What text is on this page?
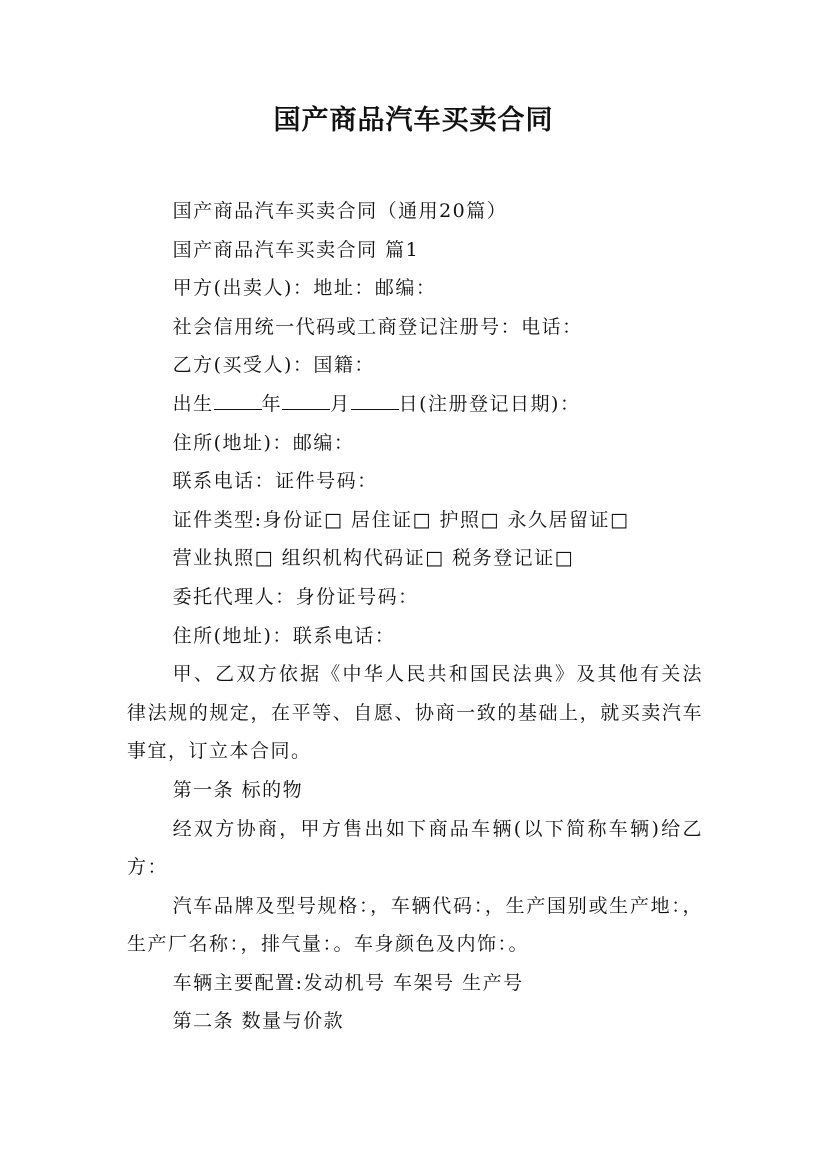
国产商品汽车买卖合同

国产商品汽车买卖合同（通用20篇）

国产商品汽车买卖合同 篇1

甲方(出卖人)：地址：邮编：

社会信用统一代码或工商登记注册号：电话：

乙方(买受人)：国籍：

出生	年	月	日(注册登记日期)：

住所(地址)：邮编：

联系电话：证件号码：

证件类型:身份证□ 居住证□ 护照□ 永久居留证□

营业执照□ 组织机构代码证□ 税务登记证□

委托代理人：身份证号码：

住所(地址)：联系电话：

甲、乙双方依据《中华人民共和国民法典》及其他有关法律法规的规定，在平等、自愿、协商一致的基础上，就买卖汽车事宜，订立本合同。

第一条 标的物

经双方协商，甲方售出如下商品车辆(以下简称车辆)给乙方：

汽车品牌及型号规格：，车辆代码：，生产国别或生产地：，生产厂名称：，排气量：。车身颜色及内饰：。

车辆主要配置:发动机号 车架号 生产号

第二条 数量与价款
